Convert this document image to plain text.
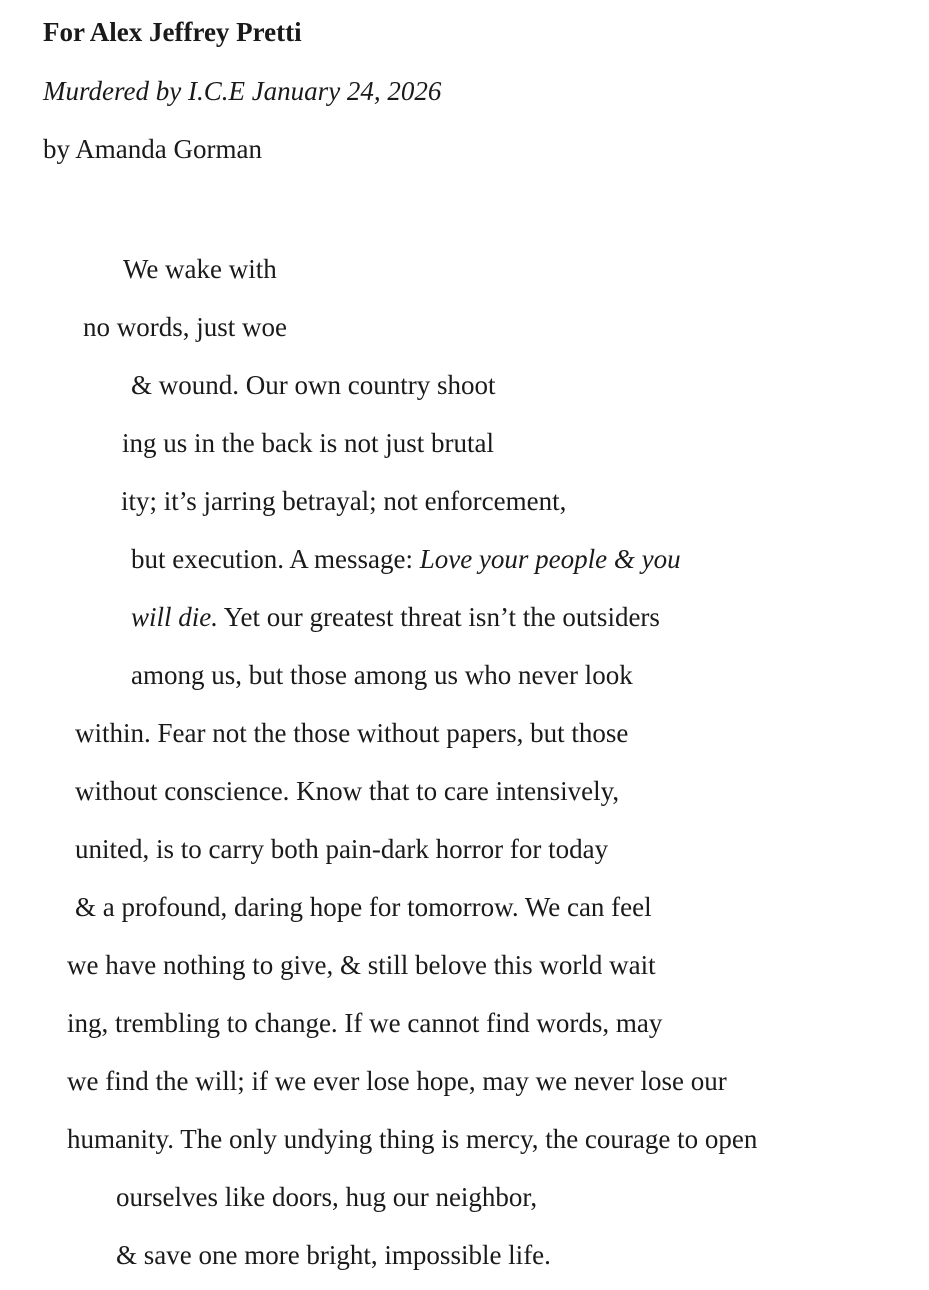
For Alex Jeffrey Pretti
Murdered by I.C.E January 24, 2026
by Amanda Gorman
We wake with
no words, just woe
& wound. Our own country shoot
ing us in the back is not just brutal
ity; it’s jarring betrayal; not enforcement,
but execution. A message: Love your people & you
will die. Yet our greatest threat isn’t the outsiders
among us, but those among us who never look
within. Fear not the those without papers, but those
without conscience. Know that to care intensively,
united, is to carry both pain-dark horror for today
& a profound, daring hope for tomorrow. We can feel
we have nothing to give, & still belove this world wait
ing, trembling to change. If we cannot find words, may
we find the will; if we ever lose hope, may we never lose our
humanity. The only undying thing is mercy, the courage to open
ourselves like doors, hug our neighbor,
& save one more bright, impossible life.
